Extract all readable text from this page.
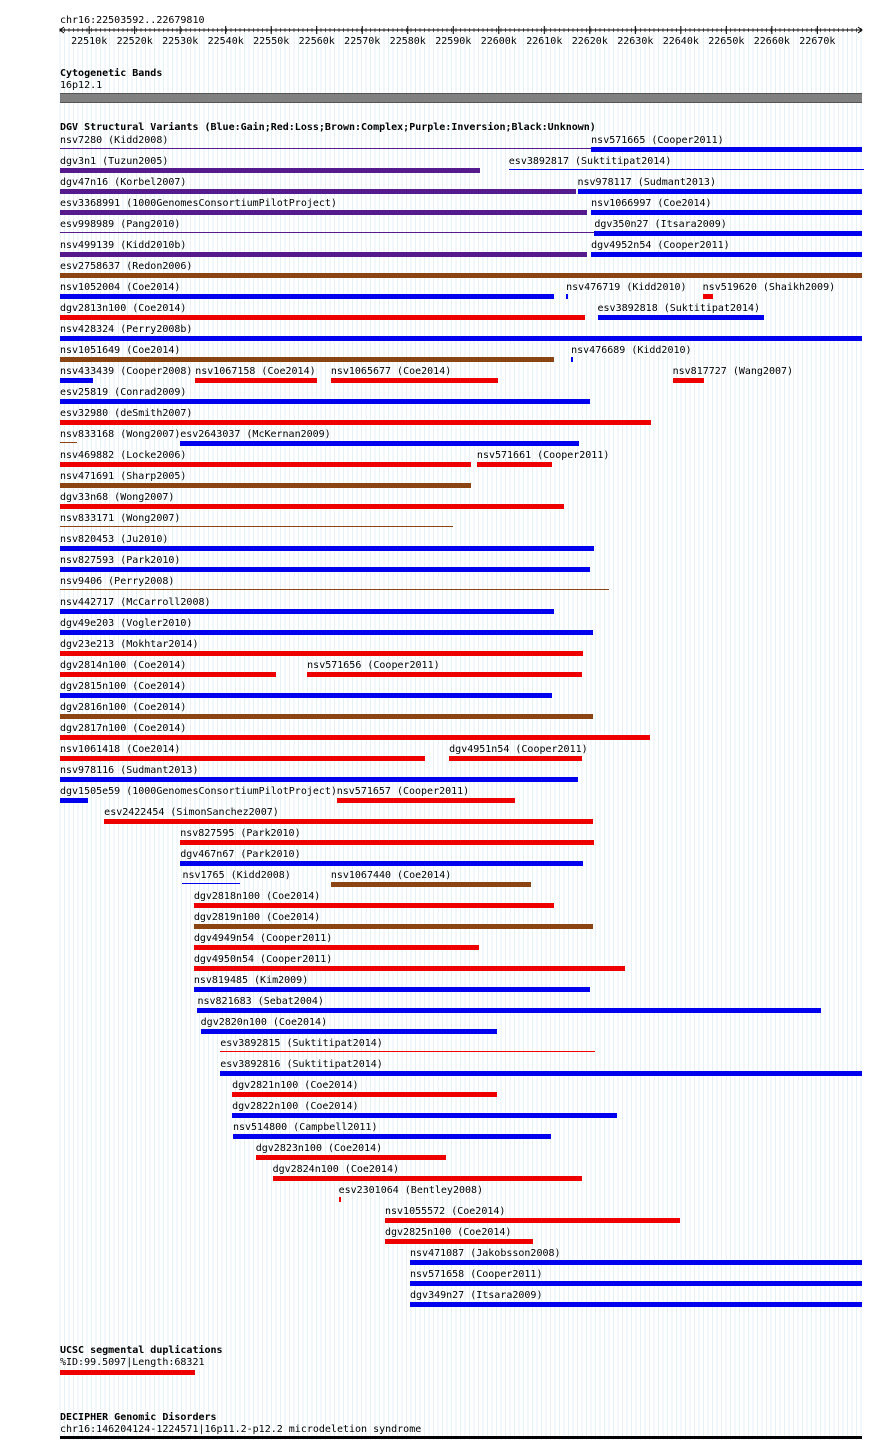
chr16:22503592..22679810
22510k 22520k 22530k 22540k 22550k 22560k 22570k 22580k 22590k 22600k 22610k 22620k 22630k 22640k 22650k 22660k 22670k
Cytogenetic Bands
16p12.1
DGV Structural Variants (Blue:Gain;Red:Loss;Brown:Complex;Purple:Inversion;Black:Unknown)
nsv7280 (Kidd2008)	nsv571665 (Cooper2011)
dgv3n1 (Tuzun2005)	esv3892817 (Suktitipat2014)
dgv47n16 (Korbel2007)	nsv978117 (Sudmant2013)
esv3368991 (1000GenomesConsortiumPilotProject)	nsv1066997 (Coe2014)
esv998989 (Pang2010)	dgv350n27 (Itsara2009)
nsv499139 (Kidd2010b)	dgv4952n54 (Cooper2011)
esv2758637 (Redon2006)
nsv1052004 (Coe2014)	nsv476719 (Kidd2010) nsv519620 (Shaikh2009)
dgv2813n100 (Coe2014)	esv3892818 (Suktitipat2014)
nsv428324 (Perry2008b)
nsv1051649 (Coe2014)	nsv476689 (Kidd2010)
nsv433439 (Cooper2008) nsv1067158 (Coe2014) nsv1065677 (Coe2014)	nsv817727 (Wang2007)
esv25819 (Conrad2009)
esv32980 (deSmith2007)
nsv833168 (Wong2007) esv2643037 (McKernan2009)
nsv469882 (Locke2006)	nsv571661 (Cooper2011)
nsv471691 (Sharp2005)
dgv33n68 (Wong2007)
nsv833171 (Wong2007)
nsv820453 (Ju2010)
nsv827593 (Park2010)
nsv9406 (Perry2008)
nsv442717 (McCarroll2008)
dgv49e203 (Vogler2010)
dgv23e213 (Mokhtar2014)
dgv2814n100 (Coe2014)	nsv571656 (Cooper2011)
dgv2815n100 (Coe2014)
dgv2816n100 (Coe2014)
dgv2817n100 (Coe2014)
nsv1061418 (Coe2014)	dgv4951n54 (Cooper2011)
nsv978116 (Sudmant2013)
dgv1505e59 (1000GenomesConsortiumPilotProject) nsv571657 (Cooper2011)
esv2422454 (SimonSanchez2007)
nsv827595 (Park2010)
dgv467n67 (Park2010)
nsv1765 (Kidd2008)	nsv1067440 (Coe2014)
dgv2818n100 (Coe2014)
dgv2819n100 (Coe2014)
dgv4949n54 (Cooper2011)
dgv4950n54 (Cooper2011)
nsv819485 (Kim2009)
nsv821683 (Sebat2004)
dgv2820n100 (Coe2014)
esv3892815 (Suktitipat2014)
esv3892816 (Suktitipat2014)
dgv2821n100 (Coe2014)
dgv2822n100 (Coe2014)
nsv514800 (Campbell2011)
dgv2823n100 (Coe2014)
dgv2824n100 (Coe2014)
esv2301064 (Bentley2008)
nsv1055572 (Coe2014)
dgv2825n100 (Coe2014)
nsv471087 (Jakobsson2008)
nsv571658 (Cooper2011)
dgv349n27 (Itsara2009)
UCSC segmental duplications
%ID:99.5097|Length:68321
DECIPHER Genomic Disorders
chr16:146204124-1224571|16p11.2-p12.2 microdeletion syndrome
